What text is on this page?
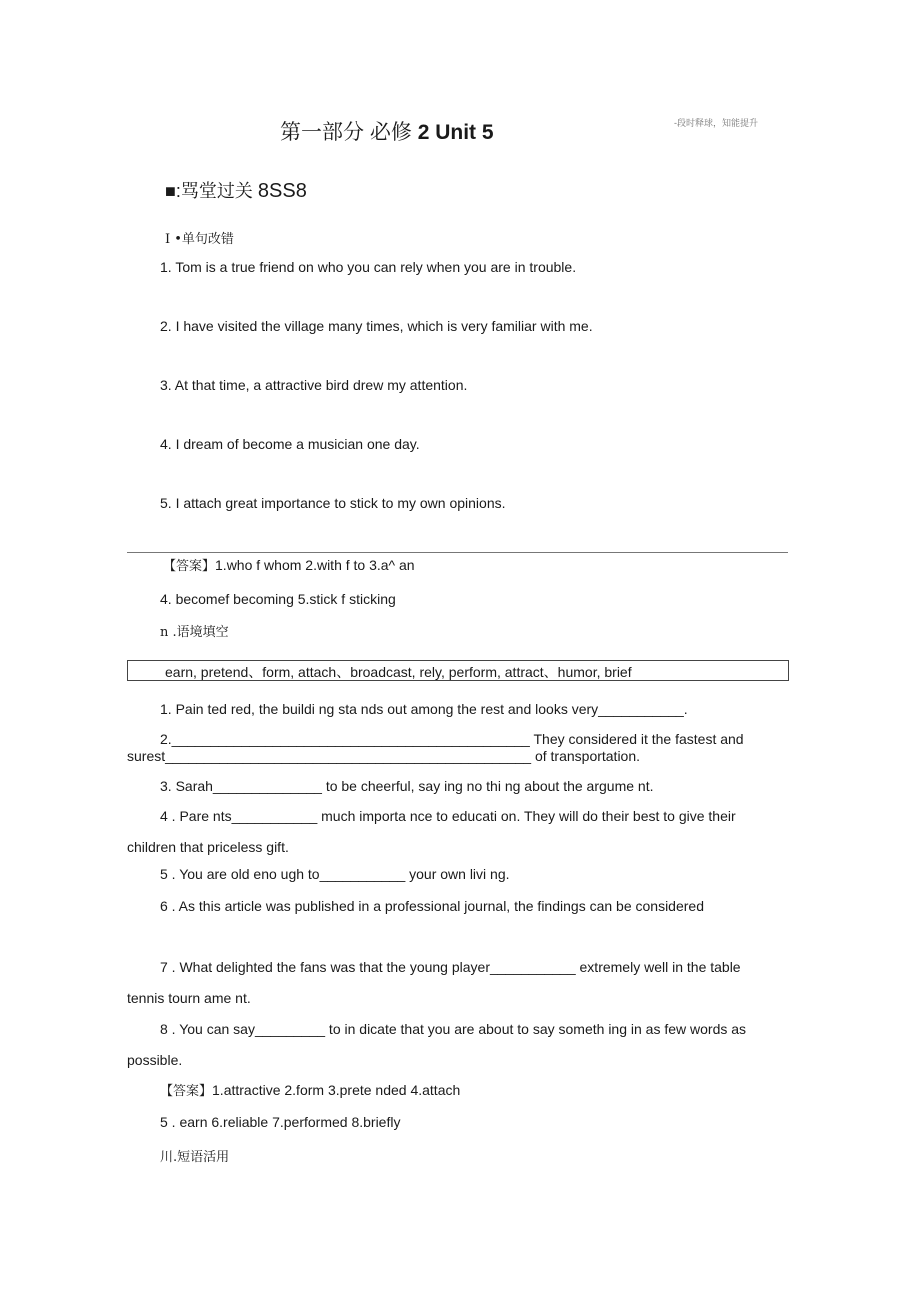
第一部分 必修 2 Unit 5	-段时释球，知能提升
■:骂堂过关 8SS8
I •单句改错
1. Tom is a true friend on who you can rely when you are in trouble.
2. I have visited the village many times, which is very familiar with me.
3. At that time, a attractive bird drew my attention.
4. I dream of become a musician one day.
5. I attach great importance to stick to my own opinions.
【答案】1.who f whom 2.with f to 3.a^ an
4. becomef becoming 5.stick f sticking
n .语境填空
earn, pretend、form, attach、broadcast, rely, perform, attract、humor, brief
1. Pain ted red, the buildi ng sta nds out among the rest and looks very___________.
2.______________________________________________ They considered it the fastest and
surest_______________________________________________ of transportation.
3. Sarah______________ to be cheerful, say ing no thi ng about the argume nt.
4 . Pare nts___________ much importa nce to educati on. They will do their best to give their
children that priceless gift.
5 . You are old eno ugh to___________ your own livi ng.
6 . As this article was published in a professional journal, the findings can be considered
7 . What delighted the fans was that the young player___________ extremely well in the table
tennis tourn ame nt.
8 . You can say_________ to in dicate that you are about to say someth ing in as few words as
possible.
【答案】1.attractive 2.form 3.prete nded 4.attach
5 . earn 6.reliable 7.performed 8.briefly
川.短语活用
